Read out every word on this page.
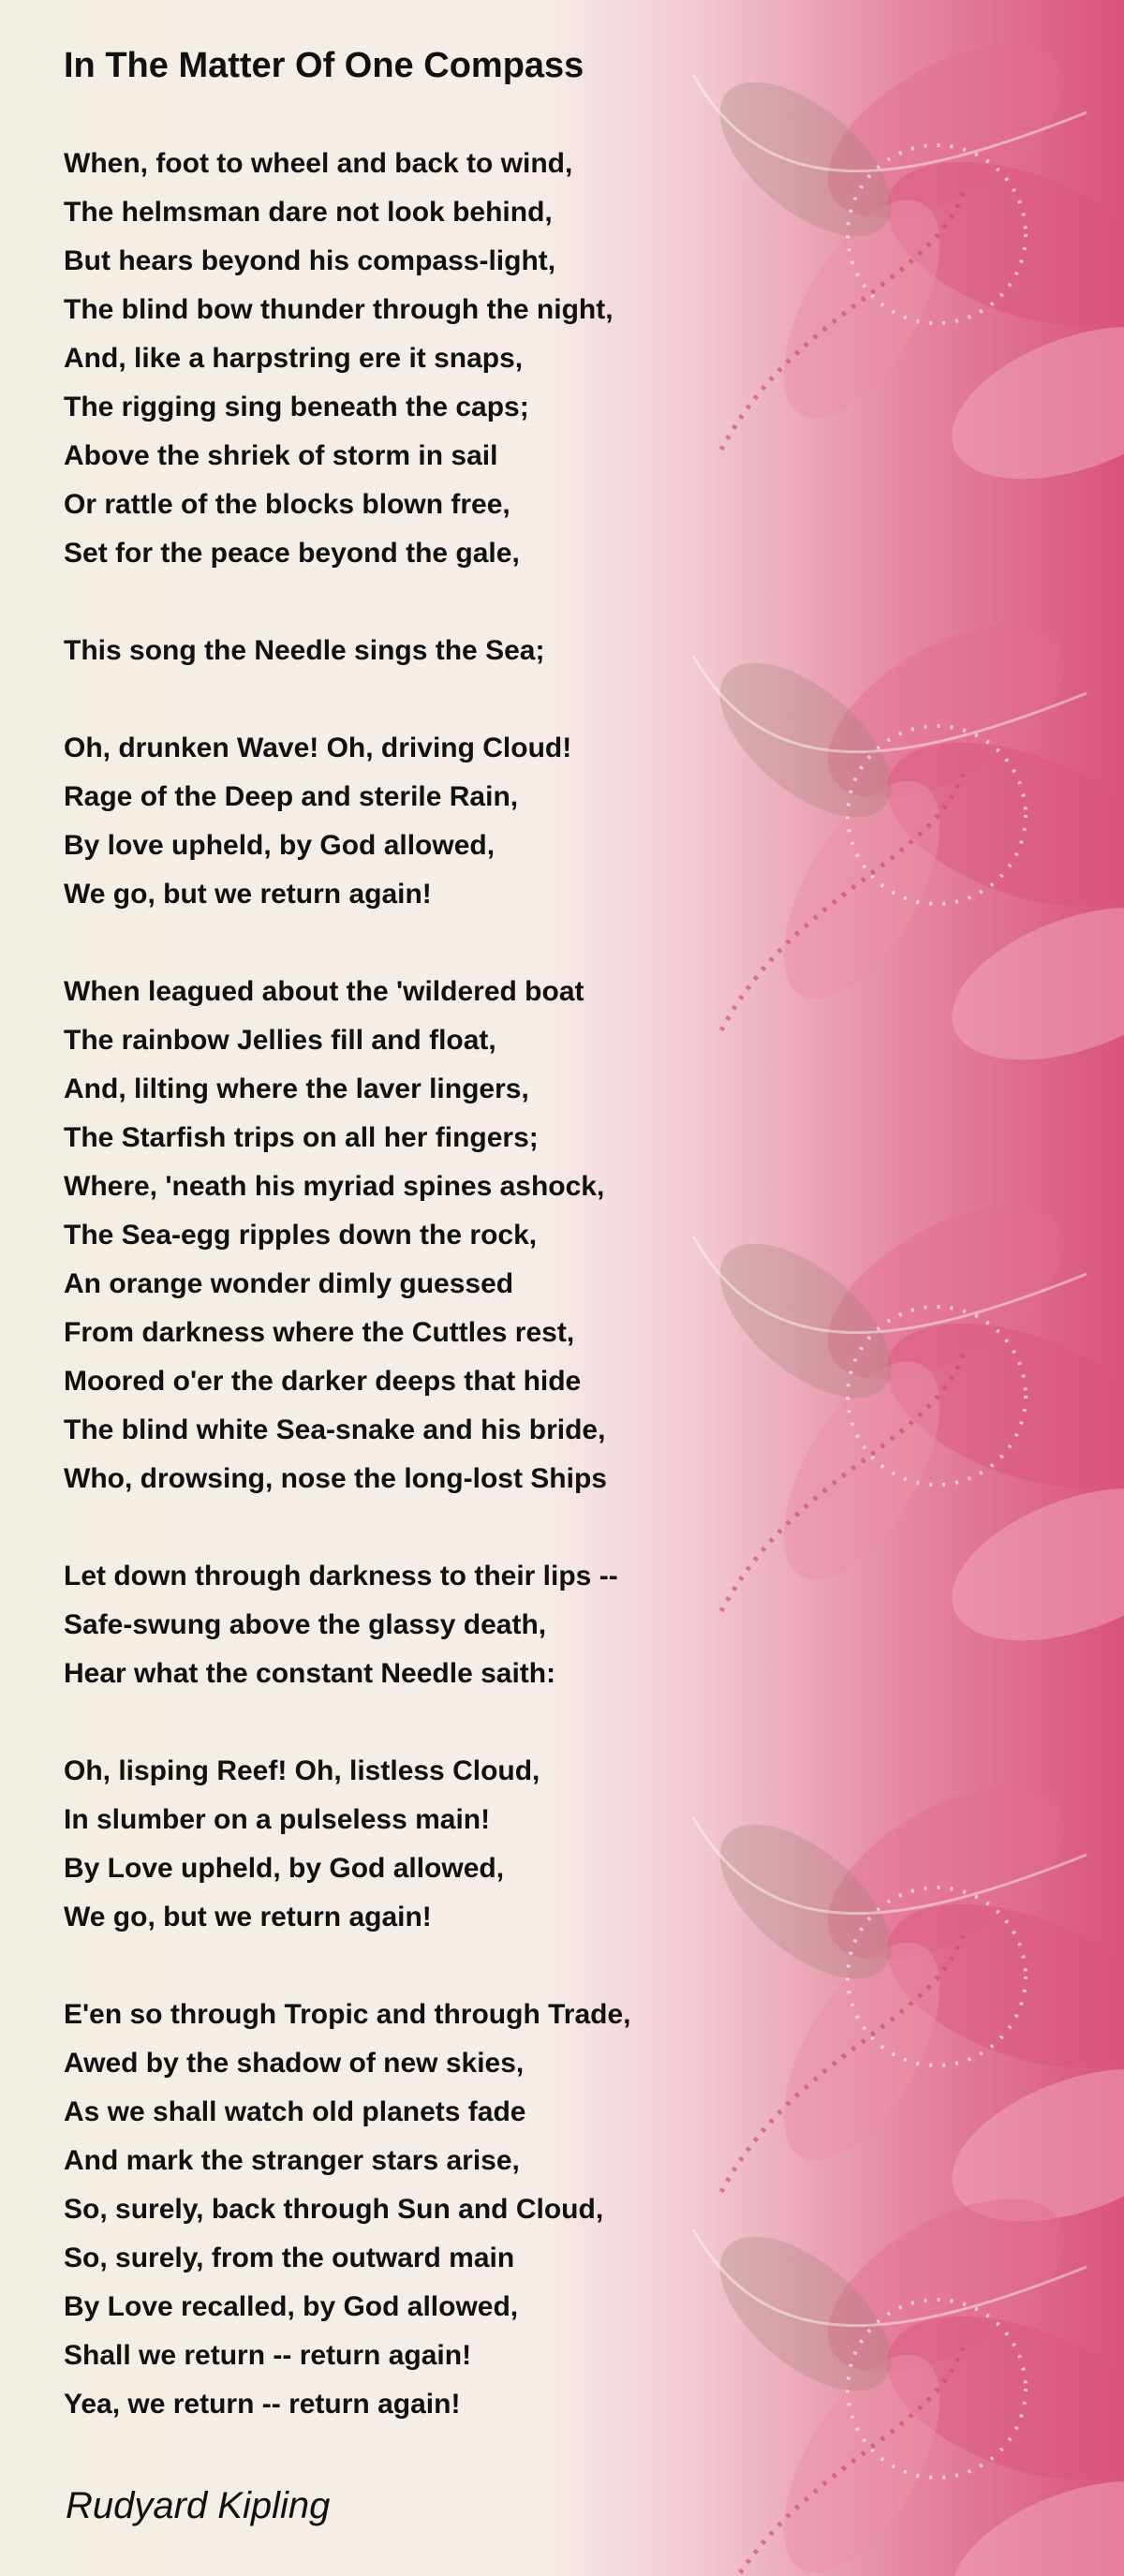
In The Matter Of One Compass
When, foot to wheel and back to wind,
The helmsman dare not look behind,
But hears beyond his compass-light,
The blind bow thunder through the night,
And, like a harpstring ere it snaps,
The rigging sing beneath the caps;
Above the shriek of storm in sail
Or rattle of the blocks blown free,
Set for the peace beyond the gale,
This song the Needle sings the Sea;
Oh, drunken Wave! Oh, driving Cloud!
Rage of the Deep and sterile Rain,
By love upheld, by God allowed,
We go, but we return again!
When leagued about the 'wildered boat
The rainbow Jellies fill and float,
And, lilting where the laver lingers,
The Starfish trips on all her fingers;
Where, 'neath his myriad spines ashock,
The Sea-egg ripples down the rock,
An orange wonder dimly guessed
From darkness where the Cuttles rest,
Moored o'er the darker deeps that hide
The blind white Sea-snake and his bride,
Who, drowsing, nose the long-lost Ships
Let down through darkness to their lips --
Safe-swung above the glassy death,
Hear what the constant Needle saith:
Oh, lisping Reef! Oh, listless Cloud,
In slumber on a pulseless main!
By Love upheld, by God allowed,
We go, but we return again!
E'en so through Tropic and through Trade,
Awed by the shadow of new skies,
As we shall watch old planets fade
And mark the stranger stars arise,
So, surely, back through Sun and Cloud,
So, surely, from the outward main
By Love recalled, by God allowed,
Shall we return -- return again!
Yea, we return -- return again!
Rudyard Kipling
